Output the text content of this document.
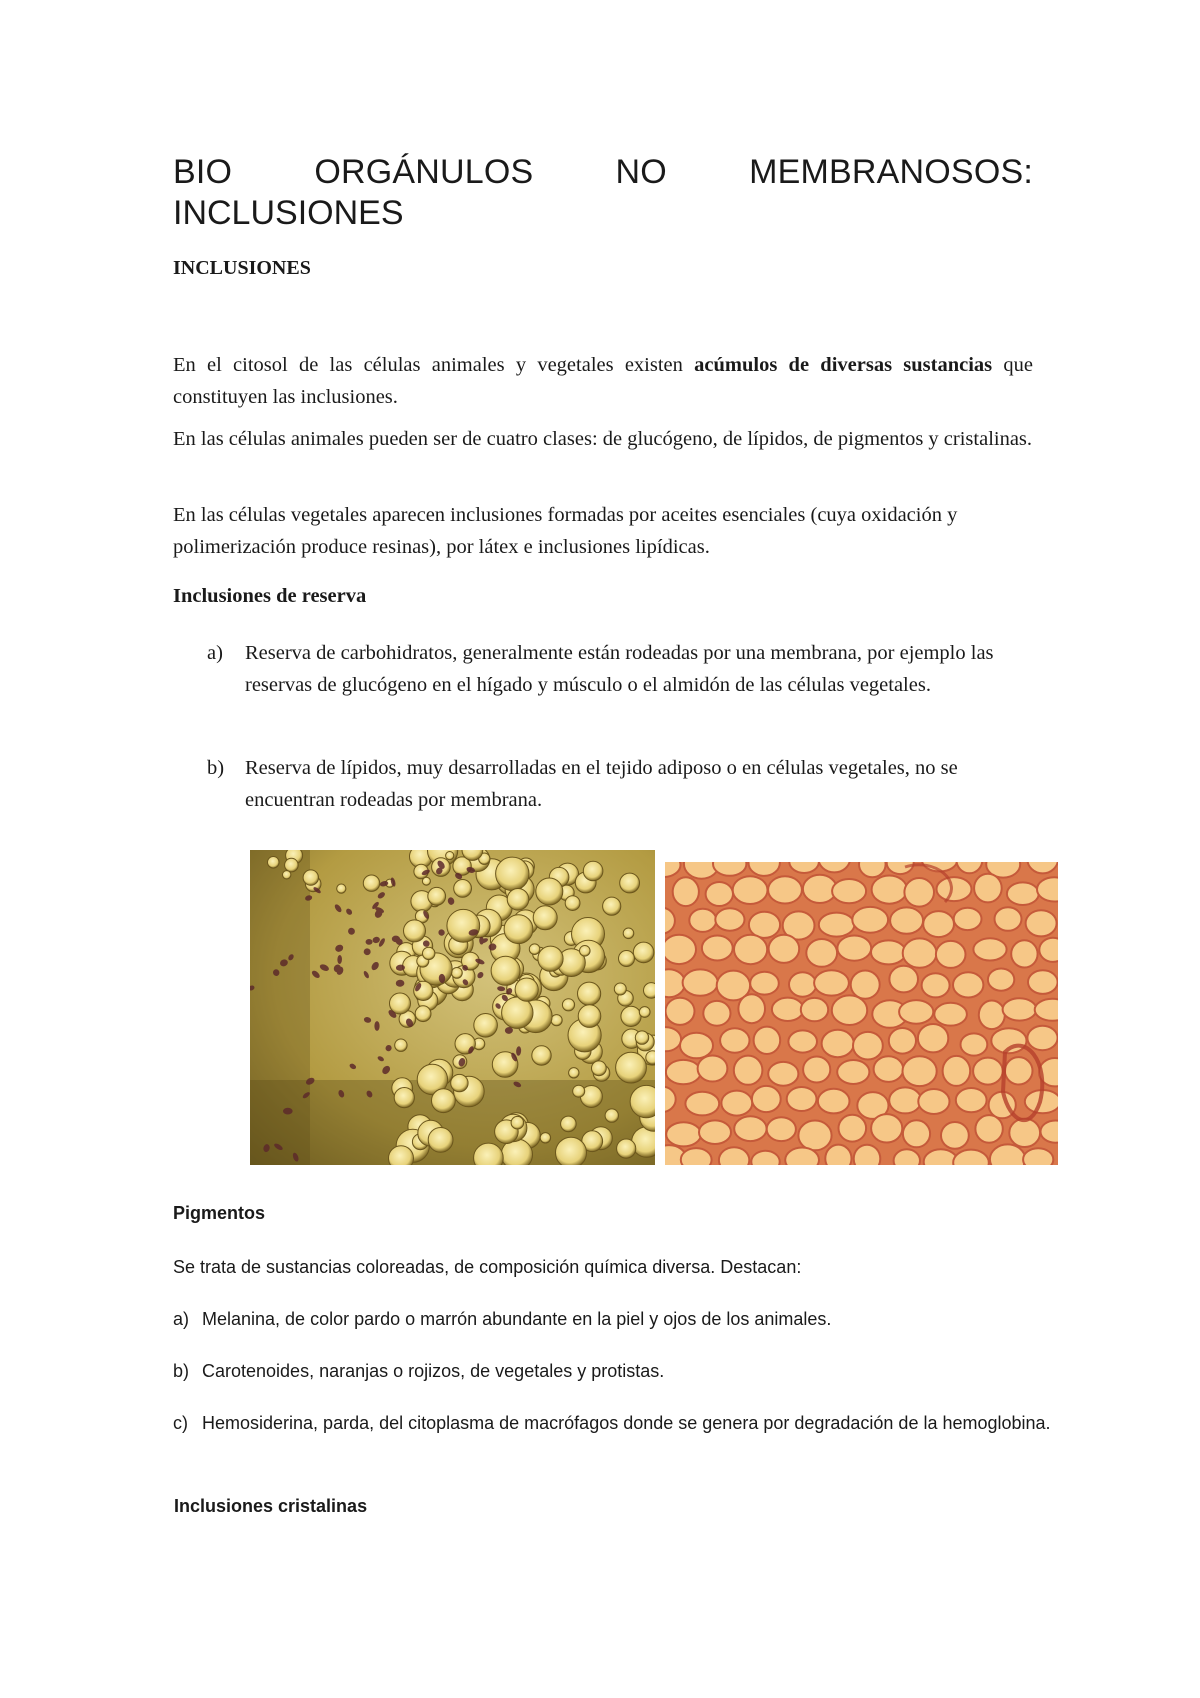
BIO ORGÁNULOS NO MEMBRANOSOS:
INCLUSIONES
INCLUSIONES

En el citosol de las células animales y vegetales existen acúmulos de diversas sustancias que constituyen las inclusiones.

En las células animales pueden ser de cuatro clases: de glucógeno, de lípidos, de pigmentos y cristalinas.

En las células vegetales aparecen inclusiones formadas por aceites esenciales (cuya oxidación y polimerización produce resinas), por látex e inclusiones lipídicas.

Inclusiones de reserva
a) Reserva de carbohidratos, generalmente están rodeadas por una membrana, por ejemplo las reservas de glucógeno en el hígado y músculo o el almidón de las células vegetales.
b) Reserva de lípidos, muy desarrolladas en el tejido adiposo o en células vegetales, no se encuentran rodeadas por membrana.
Pigmentos

Se trata de sustancias coloreadas, de composición química diversa. Destacan:

a) Melanina, de color pardo o marrón abundante en la piel y ojos de los animales.
b) Carotenoides, naranjas o rojizos, de vegetales y protistas.
c) Hemosiderina, parda, del citoplasma de macrófagos donde se genera por degradación de la hemoglobina.
Inclusiones cristalinas
